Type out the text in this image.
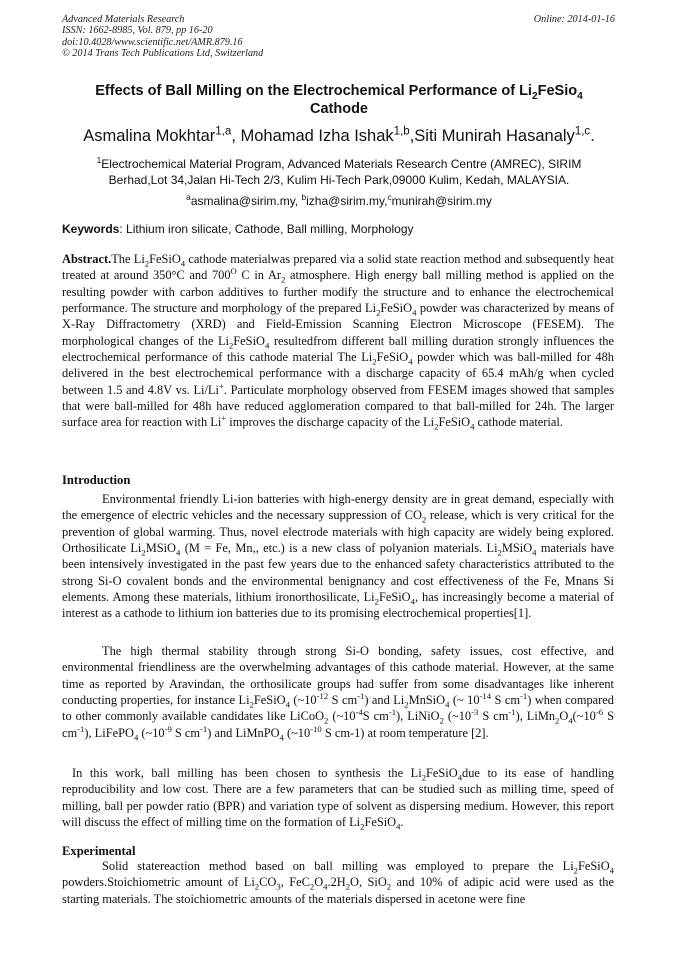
Advanced Materials Research
ISSN: 1662-8985, Vol. 879, pp 16-20
doi:10.4028/www.scientific.net/AMR.879.16
© 2014 Trans Tech Publications Ltd, Switzerland
Online: 2014-01-16
Effects of Ball Milling on the Electrochemical Performance of $Li_2FeSio_4$
Cathode
Asmalina Mokhtar$^{1,a}$, Mohamad Izha Ishak$^{1,b}$,Siti Munirah Hasanaly$^{1,c}$.
$^1$Electrochemical Material Program, Advanced Materials Research Centre (AMREC), SIRIM
Berhad,Lot 34,Jalan Hi-Tech 2/3, Kulim Hi-Tech Park,09000 Kulim, Kedah, MALAYSIA.
$^a$asmalina@sirim.my, $^b$izha@sirim.my,$^c$munirah@sirim.my
Keywords: Lithium iron silicate, Cathode, Ball milling, Morphology

Abstract.The $Li_2FeSiO_4$ cathode materialwas prepared via a solid state reaction method and subsequently heat treated at around 350°C and $700^O$ C in $Ar_2$ atmosphere. High energy ball milling method is applied on the resulting powder with carbon additives to further modify the structure and to enhance the electrochemical performance. The structure and morphology of the prepared $Li_2FeSiO_4$ powder was characterized by means of X-Ray Diffractometry (XRD) and Field-Emission Scanning Electron Microscope (FESEM). The morphological changes of the $Li_2FeSiO_4$ resultedfrom different ball milling duration strongly influences the electrochemical performance of this cathode material The $Li_2FeSiO_4$ powder which was ball-milled for 48h delivered in the best electrochemical performance with a discharge capacity of 65.4 mAh/g when cycled between 1.5 and 4.8V vs. Li/Li+. Particulate morphology observed from FESEM images showed that samples that were ball-milled for 48h have reduced agglomeration compared to that ball-milled for 24h. The larger surface area for reaction with Li+ improves the discharge capacity of the $Li_2FeSiO_4$ cathode material.

Introduction

Environmental friendly Li-ion batteries with high-energy density are in great demand, especially with the emergence of electric vehicles and the necessary suppression of $CO_2$ release, which is very critical for the prevention of global warming. Thus, novel electrode materials with high capacity are widely being explored. Orthosilicate $Li_2MSiO_4$ (M = Fe, Mn,, etc.) is a new class of polyanion materials. $Li_2MSiO_4$ materials have been intensively investigated in the past few years due to the enhanced safety characteristics attributed to the strong Si-O covalent bonds and the environmental benignancy and cost effectiveness of the Fe, Mnans Si elements. Among these materials, lithium ironorthosilicate, $Li_2FeSiO_4$, has increasingly become a material of interest as a cathode to lithium ion batteries due to its promising electrochemical properties[1].

The high thermal stability through strong Si-O bonding, safety issues, cost effective, and environmental friendliness are the overwhelming advantages of this cathode material. However, at the same time as reported by Aravindan, the orthosilicate groups had suffer from some disadvantages like inherent conducting properties, for instance $Li_2FeSiO_4$ ($\sim 10^{-12}$ S $cm^{-1}$) and $Li_2MnSiO_4$ (~ $10^{-14}$ S $cm^{-1}$) when compared to other commonly available candidates like LiCoO$_2$ ($\sim 10^{-4}S$ $cm^{-1}$), LiNiO$_2$ ($\sim 10^{-3}$ S $cm^{-1}$), $LiMn_2O_4(\sim 10^{-6}$ S $cm^{-1}$), LiFePO$_4$ ($\sim 10^{-9}$ S $cm^{-1}$) and LiMnPO$_4$ ($\sim 10^{-10}$ S cm-1) at room temperature [2].

In this work, ball milling has been chosen to synthesis the $Li_2FeSiO_4due$ to its ease of handling reproducibility and low cost. There are a few parameters that can be studied such as milling time, speed of milling, ball per powder ratio (BPR) and variation type of solvent as dispersing medium. However, this report will discuss the effect of milling time on the formation of $Li_2FeSiO_4$.

Experimental

Solid statereaction method based on ball milling was employed to prepare the $Li_2FeSiO_4$ powders.Stoichiometric amount of $Li_2CO_3$, $FeC_2O_4.2H_2O$, SiO$_2$ and 10% of adipic acid were used as the starting materials. The stoichiometric amounts of the materials dispersed in acetone were fine
